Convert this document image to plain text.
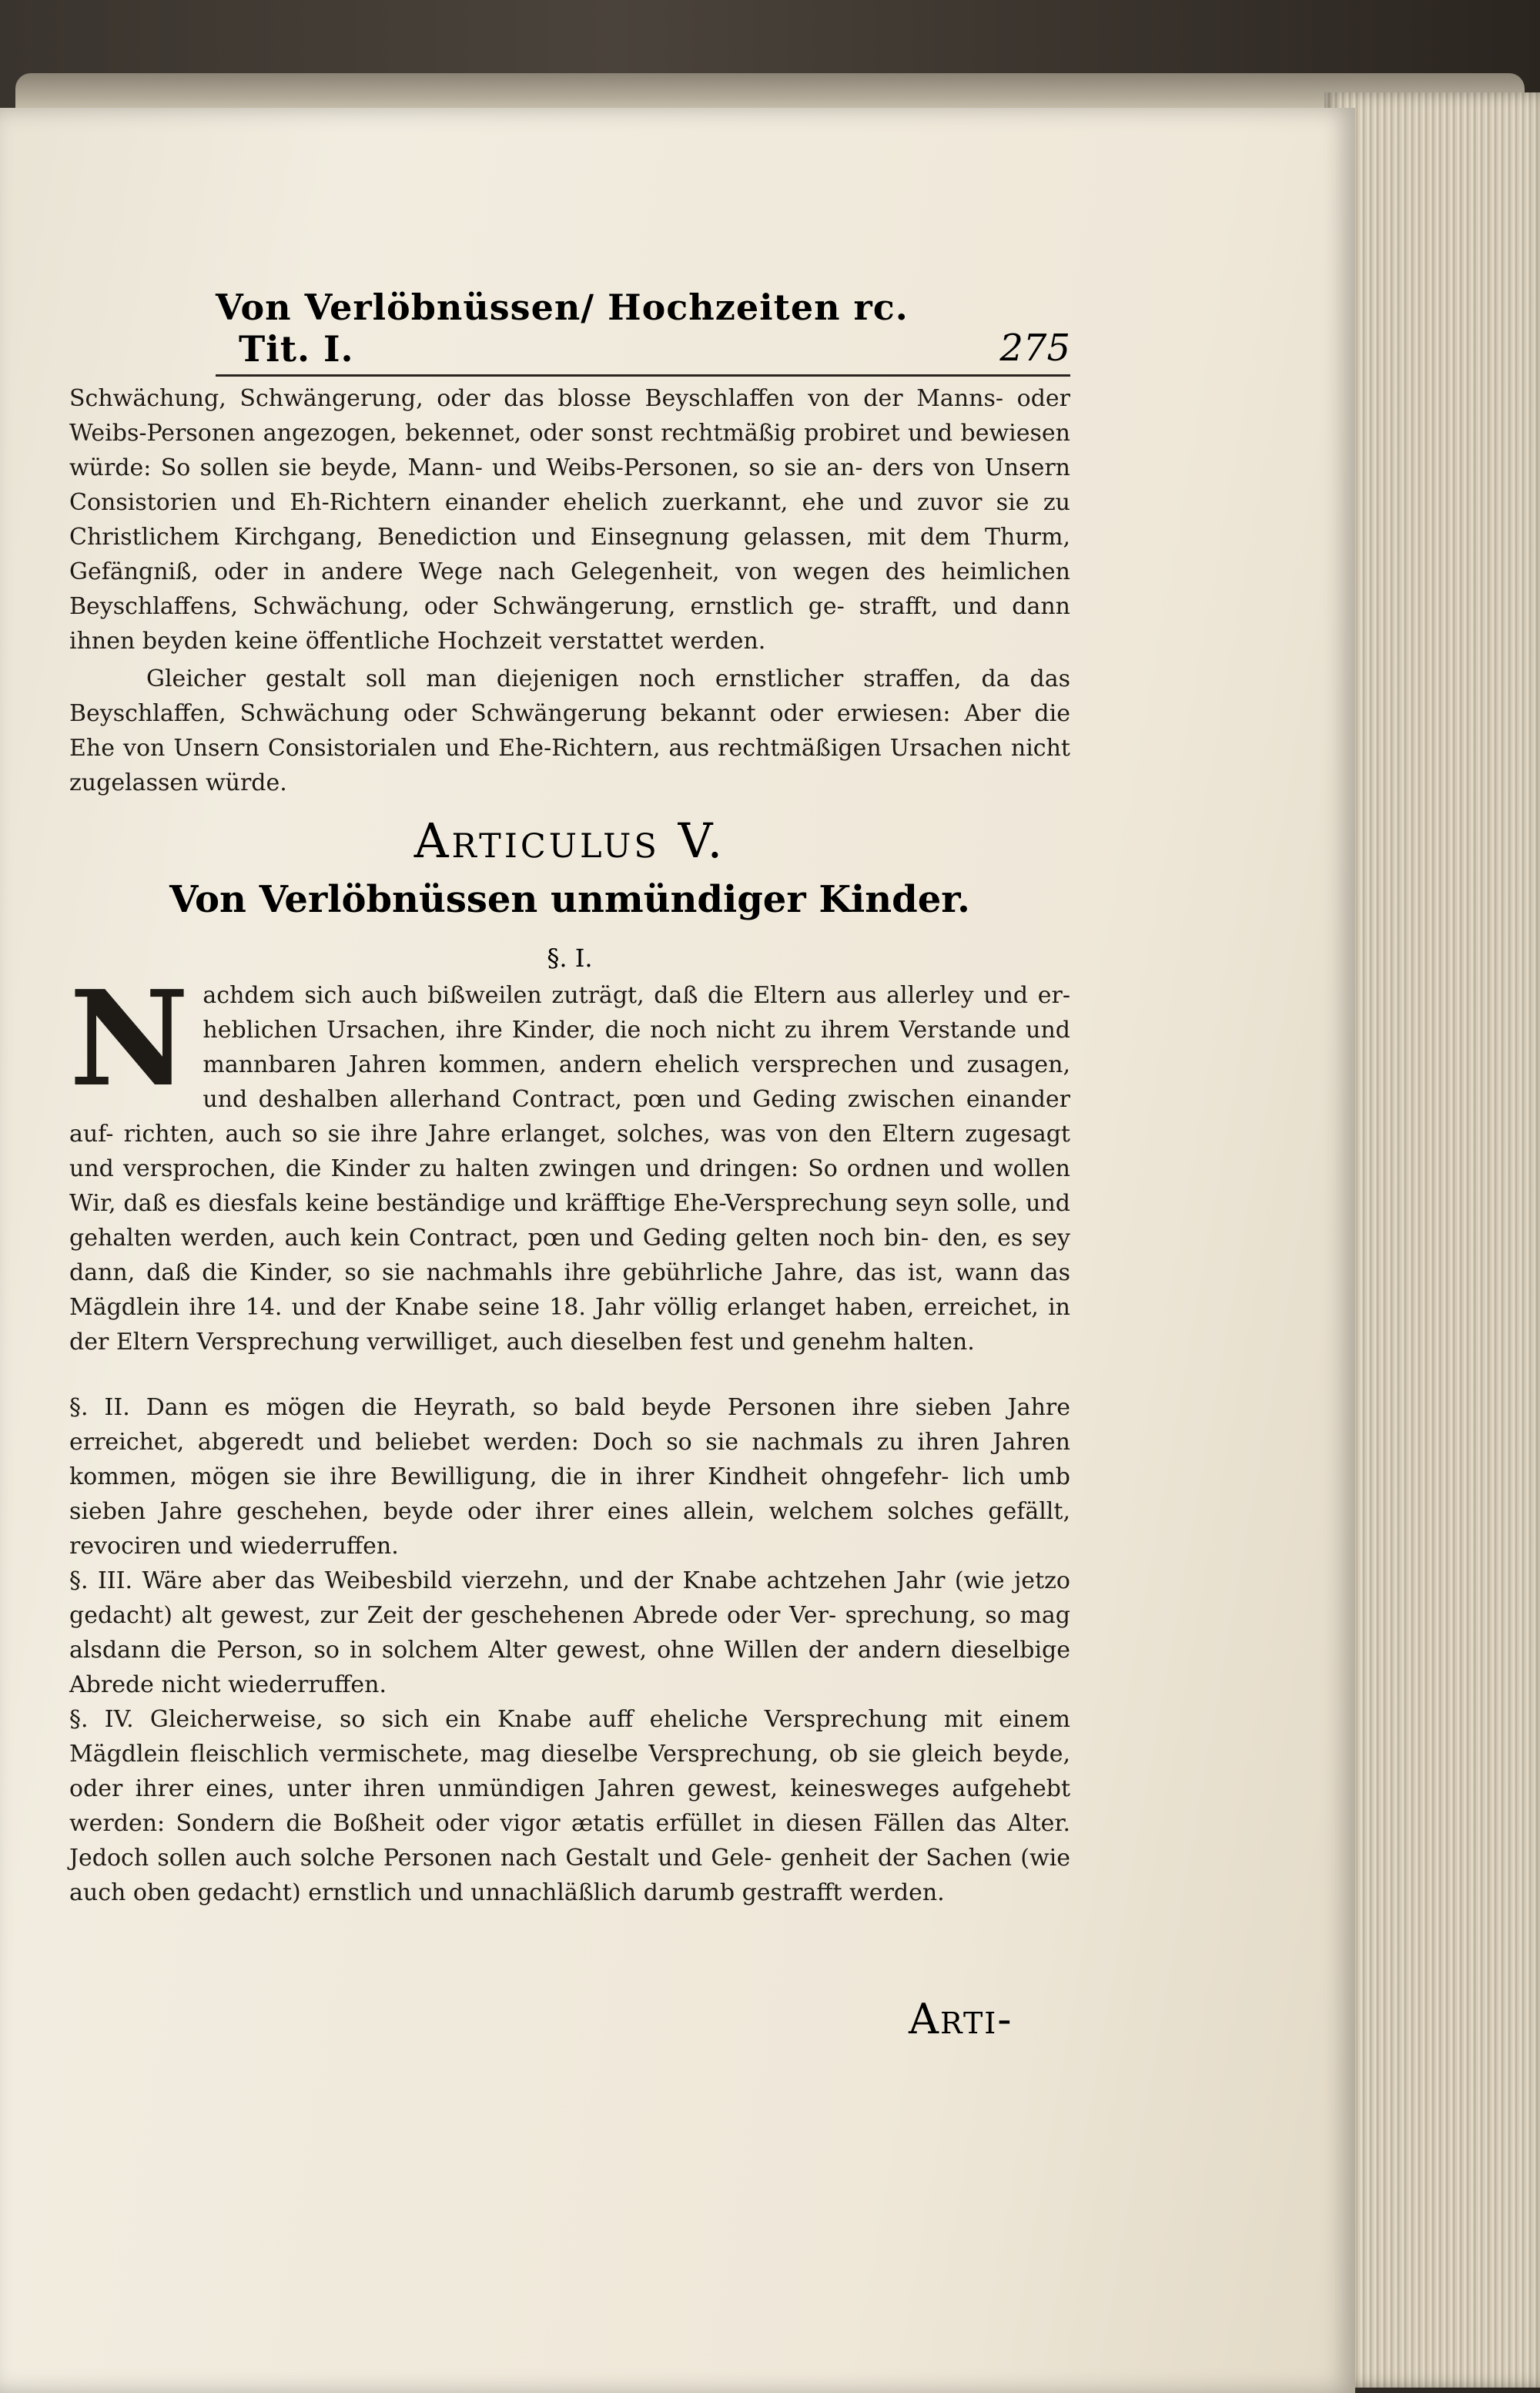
Von Verlöbnüssen/ Hochzeiten rc. Tit. I.	275

Schwächung, Schwängerung, oder das blosse Beyschlaffen von der Manns- oder Weibs-Personen angezogen, bekennet, oder sonst rechtmäßig probiret und bewiesen würde: So sollen sie beyde, Mann- und Weibs-Personen, so sie an- ders von Unsern Consistorien und Eh-Richtern einander ehelich zuerkannt, ehe und zuvor sie zu Christlichem Kirchgang, Benediction und Einsegnung gelassen, mit dem Thurm, Gefängniß, oder in andere Wege nach Gelegenheit, von wegen des heimlichen Beyschlaffens, Schwächung, oder Schwängerung, ernstlich ge- strafft, und dann ihnen beyden keine öffentliche Hochzeit verstattet werden.

Gleicher gestalt soll man diejenigen noch ernstlicher straffen, da das Beyschlaffen, Schwächung oder Schwängerung bekannt oder erwiesen: Aber die Ehe von Unsern Consistorialen und Ehe-Richtern, aus rechtmäßigen Ursachen nicht zugelassen würde.

Articulus V.
Von Verlöbnüssen unmündiger Kinder.
§. I.

N achdem sich auch bißweilen zuträgt, daß die Eltern aus allerley und er- heblichen Ursachen, ihre Kinder, die noch nicht zu ihrem Verstande und mannbaren Jahren kommen, andern ehelich versprechen und zusagen, und deshalben allerhand Contract, pœn und Geding zwischen einander auf- richten, auch so sie ihre Jahre erlanget, solches, was von den Eltern zugesagt und versprochen, die Kinder zu halten zwingen und dringen: So ordnen und wollen Wir, daß es diesfals keine beständige und kräfftige Ehe-Versprechung seyn solle, und gehalten werden, auch kein Contract, pœn und Geding gelten noch bin- den, es sey dann, daß die Kinder, so sie nachmahls ihre gebührliche Jahre, das ist, wann das Mägdlein ihre 14. und der Knabe seine 18. Jahr völlig erlanget haben, erreichet, in der Eltern Versprechung verwilliget, auch dieselben fest und genehm halten.

§. II. Dann es mögen die Heyrath, so bald beyde Personen ihre sieben Jahre erreichet, abgeredt und beliebet werden: Doch so sie nachmals zu ihren Jahren kommen, mögen sie ihre Bewilligung, die in ihrer Kindheit ohngefehr- lich umb sieben Jahre geschehen, beyde oder ihrer eines allein, welchem solches gefällt, revociren und wiederruffen.

§. III. Wäre aber das Weibesbild vierzehn, und der Knabe achtzehen Jahr (wie jetzo gedacht) alt gewest, zur Zeit der geschehenen Abrede oder Ver- sprechung, so mag alsdann die Person, so in solchem Alter gewest, ohne Willen der andern dieselbige Abrede nicht wiederruffen.

§. IV. Gleicherweise, so sich ein Knabe auff eheliche Versprechung mit einem Mägdlein fleischlich vermischete, mag dieselbe Versprechung, ob sie gleich beyde, oder ihrer eines, unter ihren unmündigen Jahren gewest, keinesweges aufgehebt werden: Sondern die Boßheit oder vigor ætatis erfüllet in diesen Fällen das Alter. Jedoch sollen auch solche Personen nach Gestalt und Gele- genheit der Sachen (wie auch oben gedacht) ernstlich und unnachläßlich darumb gestrafft werden.

Arti-
